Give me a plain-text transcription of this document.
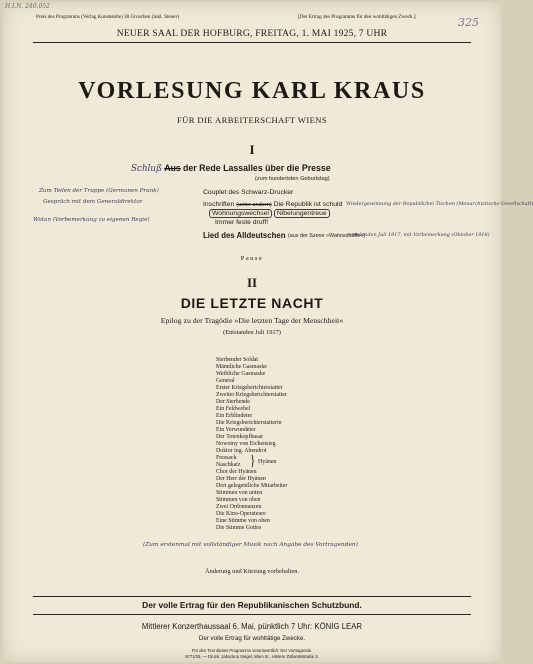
H.I.N. 240.052
325
Preis des Programms (Verlag Kunststelle) 30 Groschen (inkl. Steuer)	[Der Ertrag des Programms für den wohltätigen Zweck.]
NEUER SAAL DER HOFBURG, FREITAG, 1. MAI 1925, 7 UHR
VORLESUNG KARL KRAUS
FÜR DIE ARBEITERSCHAFT WIENS
I
Schluß Aus der Rede Lassalles über die Presse
(zum hundertsten Geburtstag)
Couplet des Schwarz-Drucker
Inschriften (unter andern) Die Republik ist schuld
Wohnungswechsel Nibelungentreue
Immer feste druff!
Lied des Alldeutschen (aus der Szene »Wahnschaffe«)
Zum Teilen der Truppe (Germanen Prunk)
Gespräch mit dem Generaldirektor
Wotan (Vorbemerkung zu eigenen Regie)
Wiedergewinnung der Republik/bei Tischen (Monarchistische Gesellschaft)
(entstanden Juli 1917, mit Vorbemerkung (Oktober 1918)
Pause
II
DIE LETZTE NACHT
Epilog zu der Tragödie »Die letzten Tage der Menschheit«
(Entstanden Juli 1917)
Sterbender Soldat
Männliche Gasmaske
Weibliche Gasmaske
General
Erster Kriegsberichterstatter
Zweiter Kriegsberichterstatter
Der Sterbende
Ein Feldwebel
Ein Erblindeter
Die Kriegsberichterstatterin
Ein Verwundeter
Der Totenkopfhusar
Nowotny von Eichensieg
Doktor ing. Abendrot
Fressack
Naschkatz
Chor der Hyänen
Der Herr der Hyänen
Drei gelegentliche Mitarbeiter
Stimmen von unten
Stimmen von oben
Zwei Ordonnanzen
Die Kino-Operateure
Eine Stimme von oben
Die Stimme Gottes
} Hyänen
(Zum erstenmal mit vollständiger Musik nach Angabe des Vortragenden)
Änderung und Kürzung vorbehalten.
Der volle Ertrag für den Republikanischen Schutzbund.
Mittlerer Konzerthaussaal 6. Mai, pünktlich 7 Uhr: KÖNIG LEAR
Der volle Ertrag für wohltätige Zwecke.
Für den Text dieses Programms verantwortlich: Der Vortragende.
5771/25. — Druck: Jahoda & Siegel, Wien III., Hintere Zollamtsstraße 3.
